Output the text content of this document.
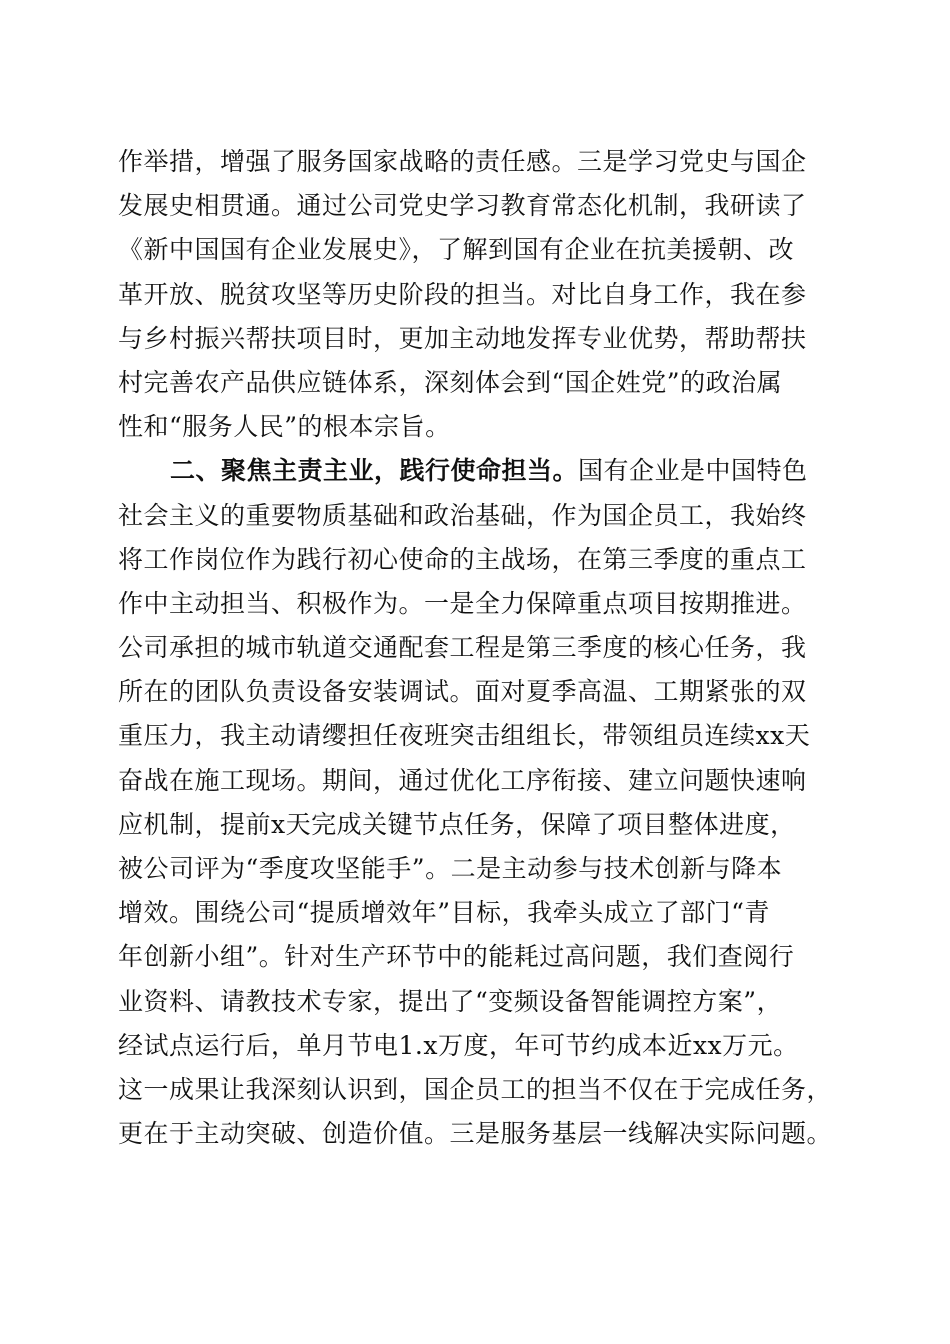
作举措，增强了服务国家战略的责任感。三是学习党史与国企
发展史相贯通。通过公司党史学习教育常态化机制，我研读了
《新中国国有企业发展史》，了解到国有企业在抗美援朝、改
革开放、脱贫攻坚等历史阶段的担当。对比自身工作，我在参
与乡村振兴帮扶项目时，更加主动地发挥专业优势，帮助帮扶
村完善农产品供应链体系，深刻体会到“国企姓党”的政治属
性和“服务人民”的根本宗旨。
二、聚焦主责主业，践行使命担当。国有企业是中国特色
社会主义的重要物质基础和政治基础，作为国企员工，我始终
将工作岗位作为践行初心使命的主战场，在第三季度的重点工
作中主动担当、积极作为。一是全力保障重点项目按期推进。
公司承担的城市轨道交通配套工程是第三季度的核心任务，我
所在的团队负责设备安装调试。面对夏季高温、工期紧张的双
重压力，我主动请缨担任夜班突击组组长，带领组员连续xx天
奋战在施工现场。期间，通过优化工序衔接、建立问题快速响
应机制，提前x天完成关键节点任务，保障了项目整体进度，
被公司评为“季度攻坚能手”。二是主动参与技术创新与降本
增效。围绕公司“提质增效年”目标，我牵头成立了部门“青
年创新小组”。针对生产环节中的能耗过高问题，我们查阅行
业资料、请教技术专家，提出了“变频设备智能调控方案”，
经试点运行后，单月节电1.x万度，年可节约成本近xx万元。
这一成果让我深刻认识到，国企员工的担当不仅在于完成任务，
更在于主动突破、创造价值。三是服务基层一线解决实际问题。
